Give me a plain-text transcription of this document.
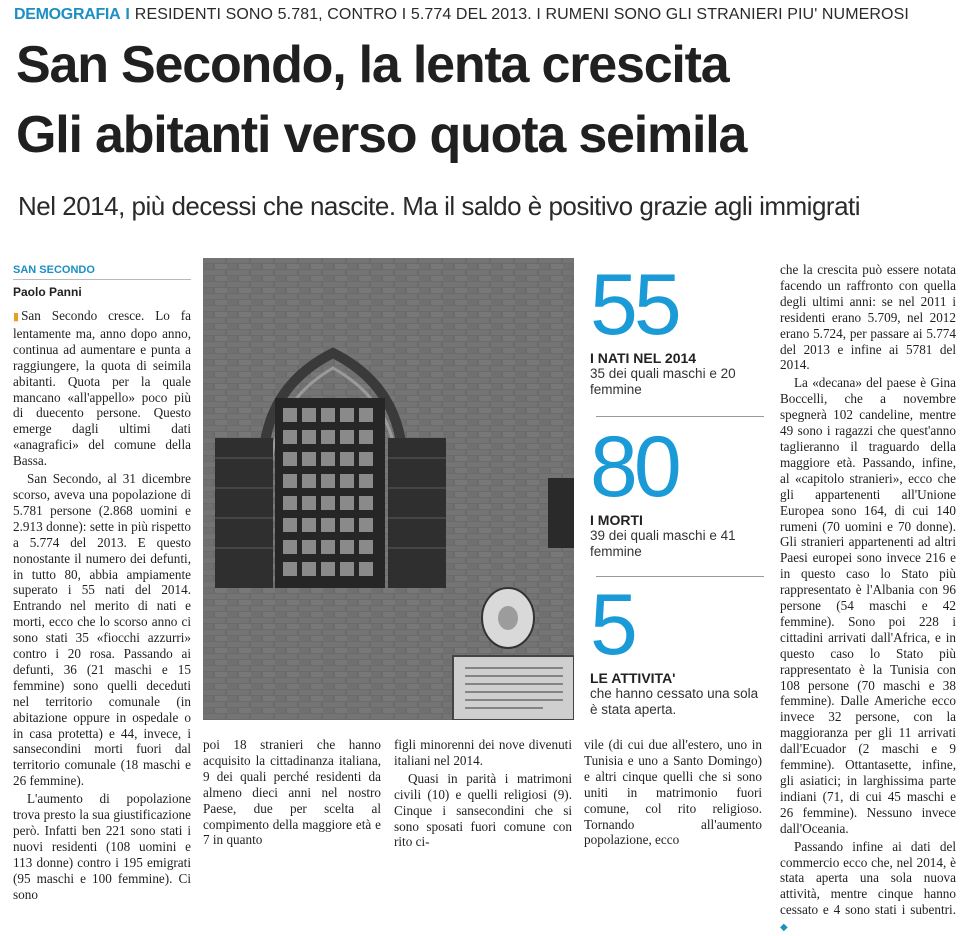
DEMOGRAFIA I RESIDENTI SONO 5.781, CONTRO I 5.774 DEL 2013. I RUMENI SONO GLI STRANIERI PIU' NUMEROSI
San Secondo, la lenta crescita
Gli abitanti verso quota seimila
Nel 2014, più decessi che nascite. Ma il saldo è positivo grazie agli immigrati
SAN SECONDO
Paolo Panni

▮ San Secondo cresce. Lo fa lentamente ma, anno dopo anno, continua ad aumentare e punta a raggiungere, la quota di seimila abitanti. Quota per la quale mancano «all'appello» poco più di duecento persone. Questo emerge dagli ultimi dati «anagrafici» del comune della Bassa.

San Secondo, al 31 dicembre scorso, aveva una popolazione di 5.781 persone (2.868 uomini e 2.913 donne): sette in più rispetto a 5.774 del 2013. E questo nonostante il numero dei defunti, in tutto 80, abbia ampiamente superato i 55 nati del 2014. Entrando nel merito di nati e morti, ecco che lo scorso anno ci sono stati 35 «fiocchi azzurri» contro i 20 rosa. Passando ai defunti, 36 (21 maschi e 15 femmine) sono quelli deceduti nel territorio comunale (in abitazione oppure in ospedale o in casa protetta) e 44, invece, i sansecondini morti fuori dal territorio comunale (18 maschi e 26 femmine).

L'aumento di popolazione trova presto la sua giustificazione però. Infatti ben 221 sono stati i nuovi residenti (108 uomini e 113 donne) contro i 195 emigrati (95 maschi e 100 femmine). Ci sono

55
I NATI NEL 2014
35 dei quali maschi e 20 femmine
80
I MORTI
39 dei quali maschi e 41 femmine
5
LE ATTIVITA'
che hanno cessato una sola è stata aperta.

poi 18 stranieri che hanno acquisito la cittadinanza italiana, 9 dei quali perché residenti da almeno dieci anni nel nostro Paese, due per scelta al compimento della maggiore età e 7 in quanto

figli minorenni dei nove divenuti italiani nel 2014.

Quasi in parità i matrimoni civili (10) e quelli religiosi (9). Cinque i sansecondini che si sono sposati fuori comune con rito ci-

vile (di cui due all'estero, uno in Tunisia e uno a Santo Domingo) e altri cinque quelli che si sono uniti in matrimonio fuori comune, col rito religioso. Tornando all'aumento popolazione, ecco

che la crescita può essere notata facendo un raffronto con quella degli ultimi anni: se nel 2011 i residenti erano 5.709, nel 2012 erano 5.724, per passare ai 5.774 del 2013 e infine ai 5781 del 2014.

La «decana» del paese è Gina Boccelli, che a novembre spegnerà 102 candeline, mentre 49 sono i ragazzi che quest'anno taglieranno il traguardo della maggiore età. Passando, infine, al «capitolo stranieri», ecco che gli appartenenti all'Unione Europea sono 164, di cui 140 rumeni (70 uomini e 70 donne). Gli stranieri appartenenti ad altri Paesi europei sono invece 216 e in questo caso lo Stato più rappresentato è l'Albania con 96 persone (54 maschi e 42 femmine). Sono poi 228 i cittadini arrivati dall'Africa, e in questo caso lo Stato più rappresentato è la Tunisia con 108 persone (70 maschi e 38 femmine). Dalle Americhe ecco invece 32 persone, con la maggioranza per gli 11 arrivati dall'Ecuador (2 maschi e 9 femmine). Ottantasette, infine, gli asiatici; in larghissima parte indiani (71, di cui 45 maschi e 26 femmine). Nessuno invece dall'Oceania.

Passando infine ai dati del commercio ecco che, nel 2014, è stata aperta una sola nuova attività, mentre cinque hanno cessato e 4 sono stati i subentri. ◆
